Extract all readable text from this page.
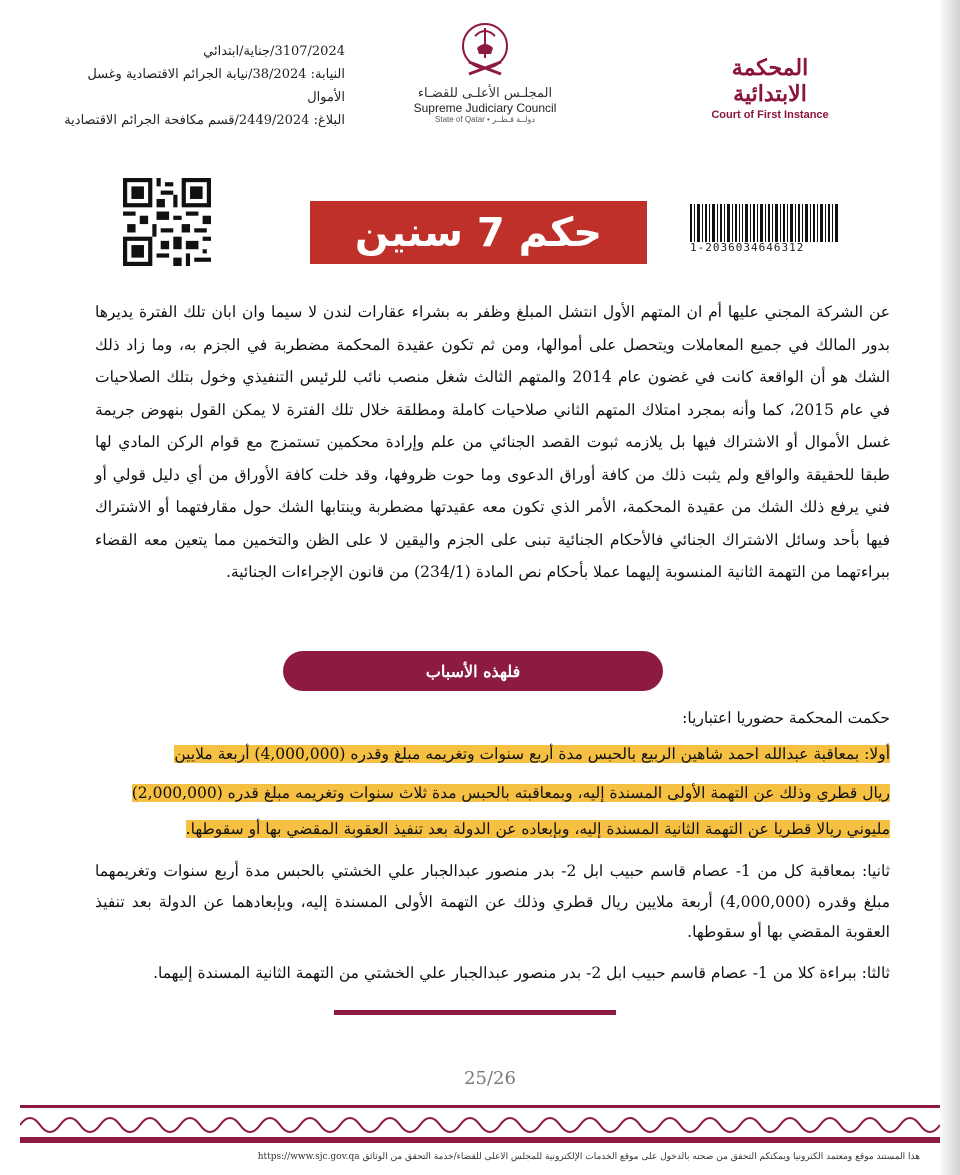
3107/2024/جناية/ابتدائي
النيابة: 38/2024/نيابة الجرائم الاقتصادية وغسل الأموال
البلاغ: 2449/2024/قسم مكافحة الجرائم الاقتصادية
المجلـس الأعلـى للقضـاء
Supreme Judiciary Council
State of Qatar • دولــة قـطــر
المحكمة الابتدائية
Court of First Instance
حكم 7 سنين	1-2036034646312
عن الشركة المجني عليها أم ان المتهم الأول انتشل المبلغ وظفر به بشراء عقارات لندن لا سيما وان ابان تلك الفترة يديرها بدور المالك في جميع المعاملات ويتحصل على أموالها، ومن ثم تكون عقيدة المحكمة مضطربة في الجزم به، وما زاد ذلك الشك هو أن الواقعة كانت في غضون عام 2014 والمتهم الثالث شغل منصب نائب للرئيس التنفيذي وخول بتلك الصلاحيات في عام 2015، كما وأنه بمجرد امتلاك المتهم الثاني صلاحيات كاملة ومطلقة خلال تلك الفترة لا يمكن القول بنهوض جريمة غسل الأموال أو الاشتراك فيها بل يلازمه ثبوت القصد الجنائي من علم وإرادة محكمين تستمزج مع قوام الركن المادي لها طبقا للحقيقة والواقع ولم يثبت ذلك من كافة أوراق الدعوى وما حوت ظروفها، وقد خلت كافة الأوراق من أي دليل قولي أو فني يرفع ذلك الشك من عقيدة المحكمة، الأمر الذي تكون معه عقيدتها مضطربة وينتابها الشك حول مقارفتهما أو الاشتراك فيها بأحد وسائل الاشتراك الجنائي فالأحكام الجنائية تبنى على الجزم واليقين لا على الظن والتخمين مما يتعين معه القضاء ببراءتهما من التهمة الثانية المنسوبة إليهما عملا بأحكام نص المادة (234/1) من قانون الإجراءات الجنائية.
فلهذه الأسباب
حكمت المحكمة حضوريا اعتباريا:
أولا: بمعاقبة عبدالله احمد شاهين الربيع بالحبس مدة أربع سنوات وتغريمه مبلغ وقدره (4,000,000) أربعة ملايين
ريال قطري وذلك عن التهمة الأولى المسندة إليه، وبمعاقبته بالحبس مدة ثلاث سنوات وتغريمه مبلغ قدره (2,000,000)
مليوني ريالا قطريا عن التهمة الثانية المسندة إليه، وبإبعاده عن الدولة بعد تنفيذ العقوبة المقضي بها أو سقوطها.
ثانيا: بمعاقبة كل من 1- عصام قاسم حبيب ابل 2- بدر منصور عبدالجبار علي الخشتي بالحبس مدة أربع سنوات وتغريمهما مبلغ وقدره (4,000,000) أربعة ملايين ريال قطري وذلك عن التهمة الأولى المسندة إليه، وبإبعادهما عن الدولة بعد تنفيذ العقوبة المقضي بها أو سقوطها.
ثالثا: ببراءة كلا من 1- عصام قاسم حبيب ابل 2- بدر منصور عبدالجبار علي الخشتي من التهمة الثانية المسندة إليهما.
25/26
هذا المستند موقع ومعتمد الكترونيا ويمكنكم التحقق من صحته بالدخول على موقع الخدمات الإلكترونية للمجلس الأعلى للقضاء/خدمة التحقق من الوثائق https://www.sjc.gov.qa
